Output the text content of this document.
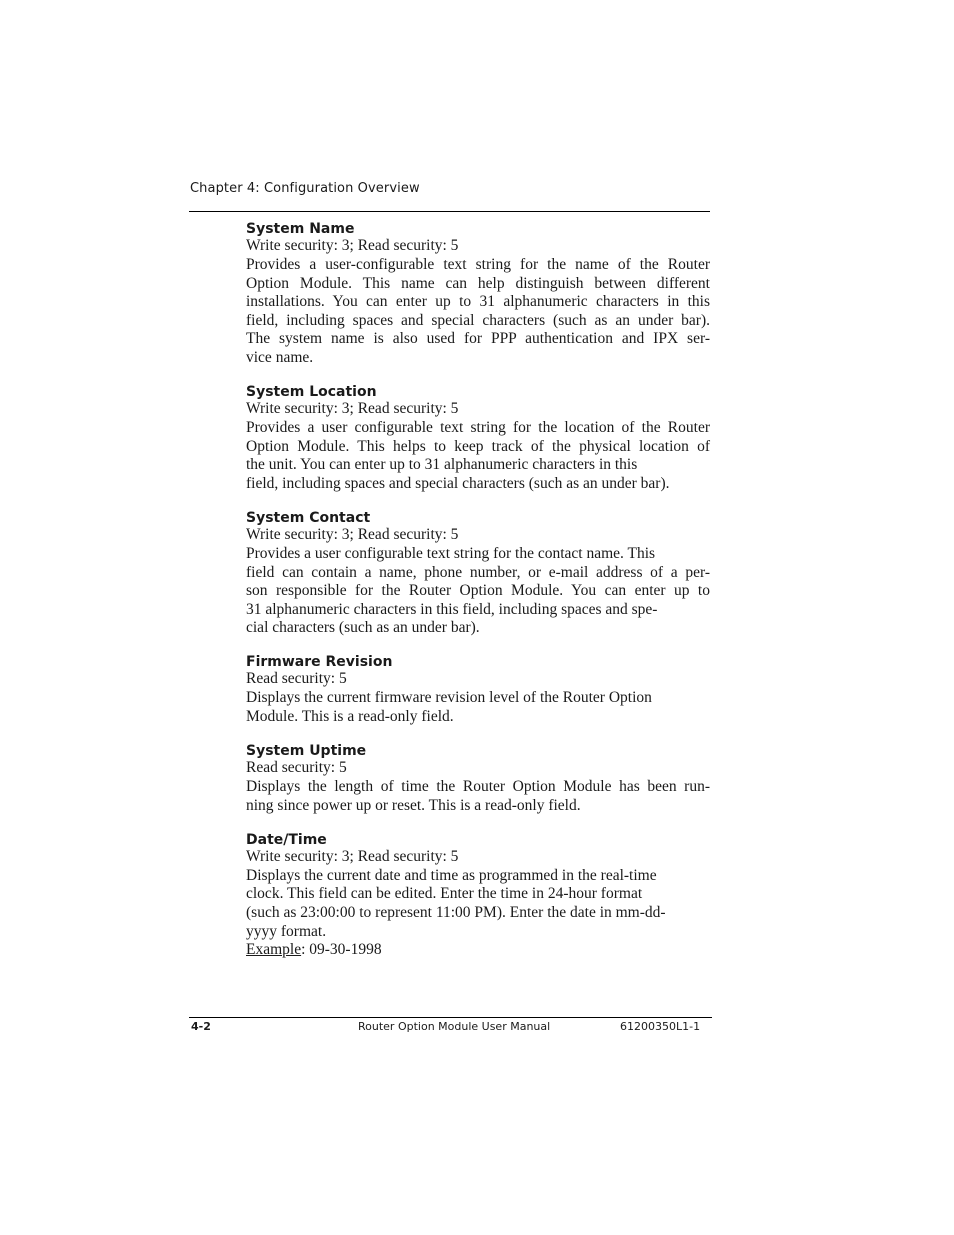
Chapter 4: Configuration Overview
System Name
Write security: 3; Read security: 5
Provides a user-configurable text string for the name of the Router
Option Module. This name can help distinguish between different
installations. You can enter up to 31 alphanumeric characters in this
field, including spaces and special characters (such as an under bar).
The system name is also used for PPP authentication and IPX ser-
vice name.
System Location
Write security: 3; Read security: 5
Provides a user configurable text string for the location of the Router
Option Module. This helps to keep track of the physical location of
the unit. You can enter up to 31 alphanumeric characters in this
field, including spaces and special characters (such as an under bar).
System Contact
Write security: 3; Read security: 5
Provides a user configurable text string for the contact name. This
field can contain a name, phone number, or e-mail address of a per-
son responsible for the Router Option Module. You can enter up to
31 alphanumeric characters in this field, including spaces and spe-
cial characters (such as an under bar).
Firmware Revision
Read security: 5
Displays the current firmware revision level of the Router Option
Module. This is a read-only field.
System Uptime
Read security: 5
Displays the length of time the Router Option Module has been run-
ning since power up or reset. This is a read-only field.
Date/Time
Write security: 3; Read security: 5
Displays the current date and time as programmed in the real-time
clock. This field can be edited. Enter the time in 24-hour format
(such as 23:00:00 to represent 11:00 PM). Enter the date in mm-dd-
yyyy format.
Example: 09-30-1998
4-2	Router Option Module User Manual	61200350L1-1
